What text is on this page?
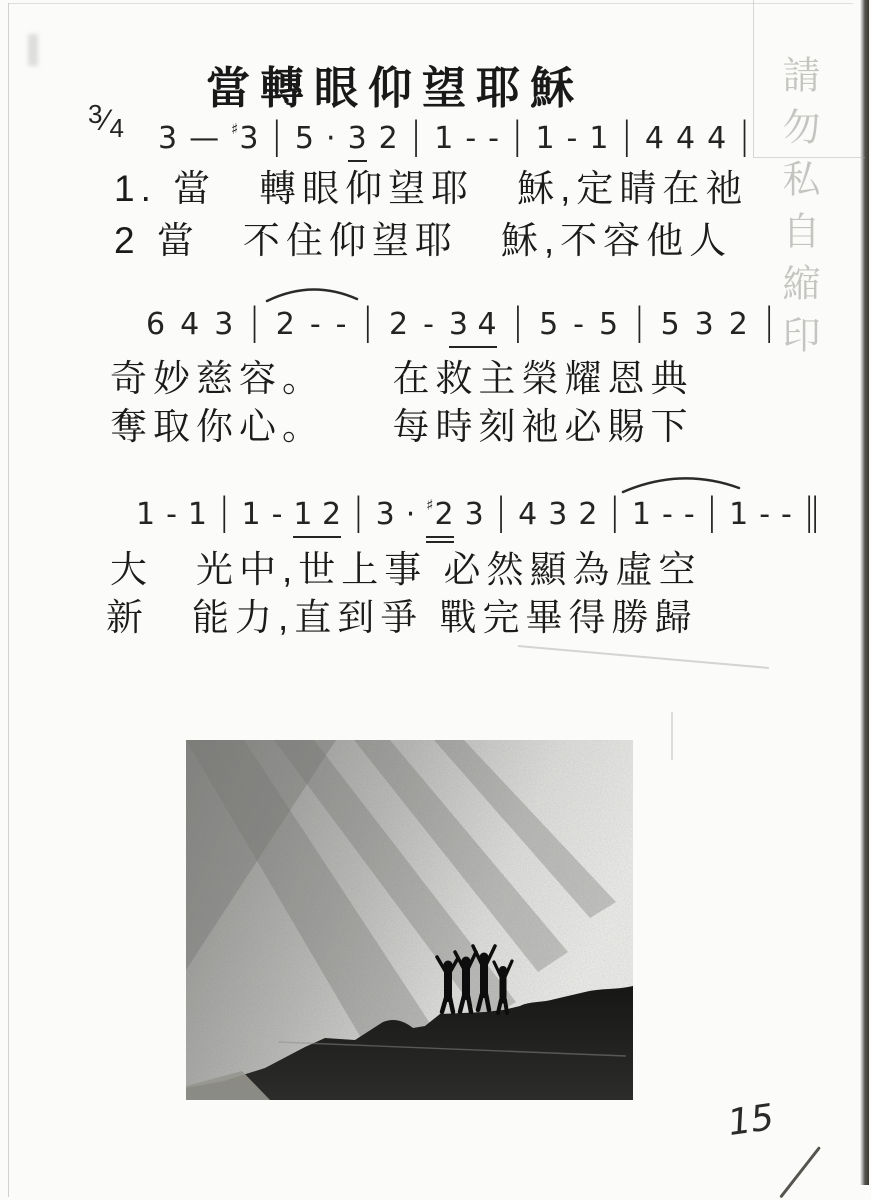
請勿私自縮印
當轉眼仰望耶穌
3⁄4 3 — ♯3 | 5 · 3 2 | 1 - - | 1 - 1 | 4 4 4 |
6 4 3 | 2 - - | 2 - 3 4 | 5 - 5 | 5 3 2 |
1 - 1 | 1 - 1 2 | 3 · ♯2 3 | 4 3 2 | 1 - - | 1 - - ‖
1. 當　轉眼仰望耶　穌,定睛在祂
2 當　不住仰望耶　穌,不容他人
奇妙慈容。　　在救主榮耀恩典
奪取你心。　　每時刻祂必賜下
大　光中,世上事 必然顯為虛空
新　能力,直到爭 戰完畢得勝歸
15
